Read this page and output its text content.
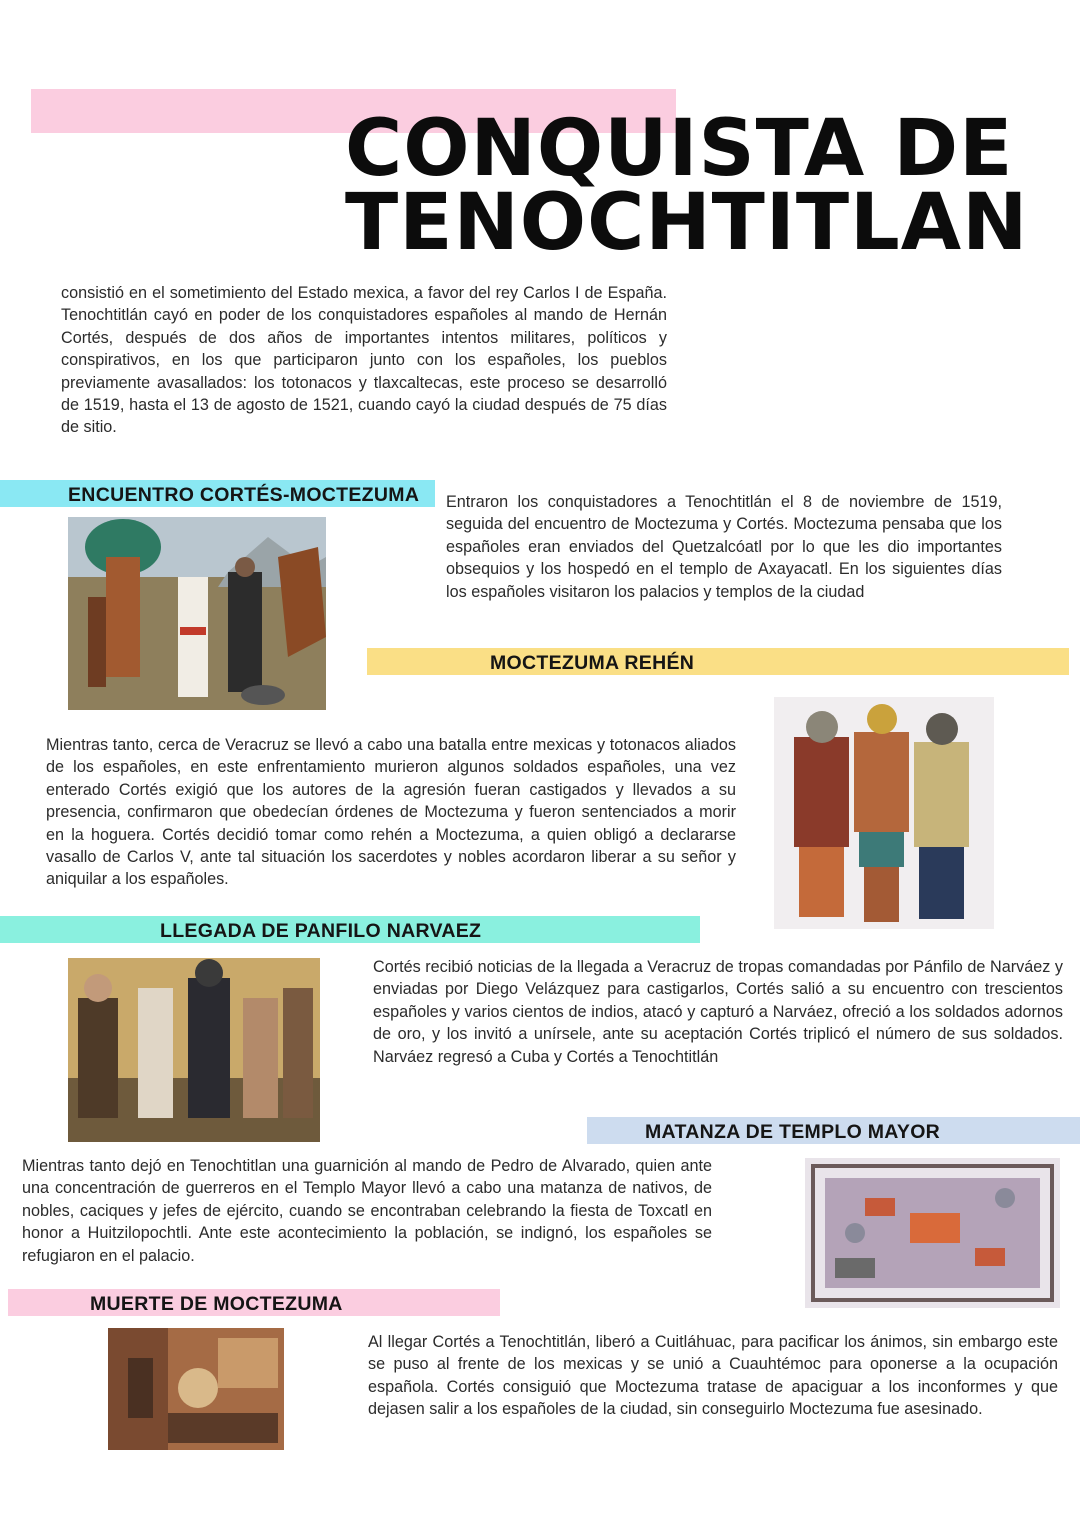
CONQUISTA DE
TENOCHTITLAN

consistió en el sometimiento del Estado mexica, a favor del rey Carlos I de España. Tenochtitlán cayó en poder de los conquistadores españoles al mando de Hernán Cortés, después de dos años de importantes intentos militares, políticos y conspirativos, en los que participaron junto con los españoles, los pueblos previamente avasallados: los totonacos y tlaxcaltecas, este proceso se desarrolló de 1519, hasta el 13 de agosto de 1521, cuando cayó la ciudad después de 75 días de sitio.

ENCUENTRO CORTÉS-MOCTEZUMA Entraron los conquistadores a Tenochtitlán el 8 de noviembre de 1519, seguida del encuentro de Moctezuma y Cortés. Moctezuma pensaba que los españoles eran enviados del Quetzalcóatl por lo que les dio importantes obsequios y los hospedó en el templo de Axayacatl. En los siguientes días los españoles visitaron los palacios y templos de la ciudad

MOCTEZUMA REHÉN

Mientras tanto, cerca de Veracruz se llevó a cabo una batalla entre mexicas y totonacos aliados de los españoles, en este enfrentamiento murieron algunos soldados españoles, una vez enterado Cortés exigió que los autores de la agresión fueran castigados y llevados a su presencia, confirmaron que obedecían órdenes de Moctezuma y fueron sentenciados a morir en la hoguera. Cortés decidió tomar como rehén a Moctezuma, a quien obligó a declararse vasallo de Carlos V, ante tal situación los sacerdotes y nobles acordaron liberar a su señor y aniquilar a los españoles.

LLEGADA DE PANFILO NARVAEZ

Cortés recibió noticias de la llegada a Veracruz de tropas comandadas por Pánfilo de Narváez y enviadas por Diego Velázquez para castigarlos, Cortés salió a su encuentro con trescientos españoles y varios cientos de indios, atacó y capturó a Narváez, ofreció a los soldados adornos de oro, y los invitó a unírsele, ante su aceptación Cortés triplicó el número de sus soldados. Narváez regresó a Cuba y Cortés a Tenochtitlán

MATANZA DE TEMPLO MAYOR

Mientras tanto dejó en Tenochtitlan una guarnición al mando de Pedro de Alvarado, quien ante una concentración de guerreros en el Templo Mayor llevó a cabo una matanza de nativos, de nobles, caciques y jefes de ejército, cuando se encontraban celebrando la fiesta de Toxcatl en honor a Huitzilopochtli. Ante este acontecimiento la población, se indignó, los españoles se refugiaron en el palacio.

MUERTE DE MOCTEZUMA

Al llegar Cortés a Tenochtitlán, liberó a Cuitláhuac, para pacificar los ánimos, sin embargo este se puso al frente de los mexicas y se unió a Cuauhtémoc para oponerse a la ocupación española. Cortés consiguió que Moctezuma tratase de apaciguar a los inconformes y que dejasen salir a los españoles de la ciudad, sin conseguirlo Moctezuma fue asesinado.
